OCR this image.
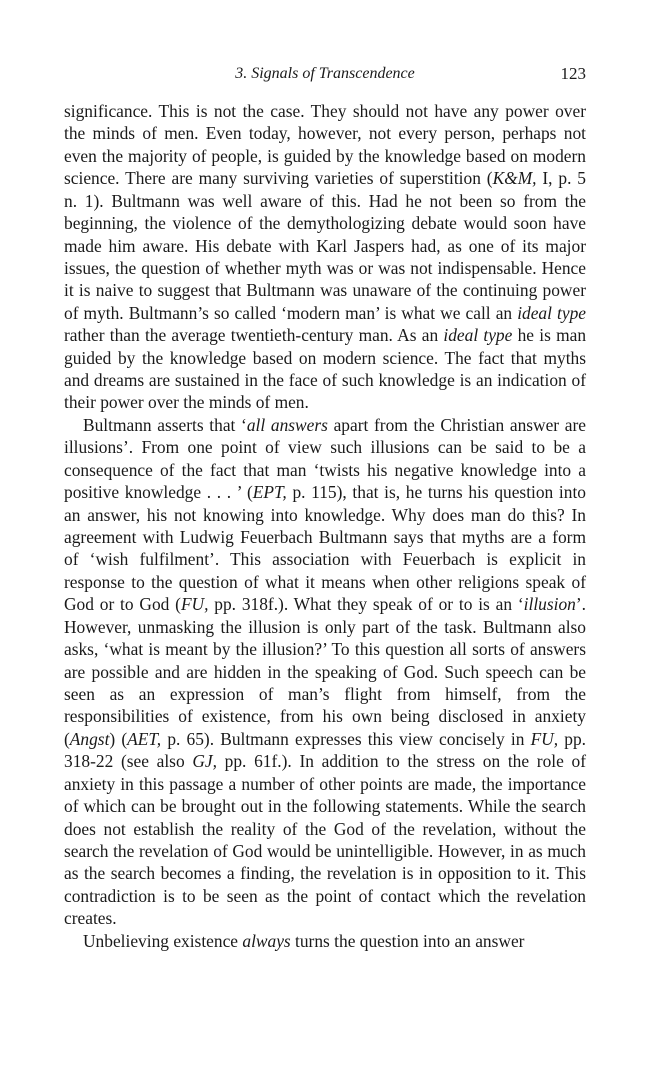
3. Signals of Transcendence	123

significance. This is not the case. They should not have any power over the minds of men. Even today, however, not every person, perhaps not even the majority of people, is guided by the knowledge based on modern science. There are many surviving varieties of superstition (K&M, I, p. 5 n. 1). Bultmann was well aware of this. Had he not been so from the beginning, the violence of the demythologizing debate would soon have made him aware. His debate with Karl Jaspers had, as one of its major issues, the question of whether myth was or was not indispensable. Hence it is naive to suggest that Bultmann was unaware of the continuing power of myth. Bultmann’s so called ‘modern man’ is what we call an ideal type rather than the average twentieth-century man. As an ideal type he is man guided by the knowledge based on modern science. The fact that myths and dreams are sustained in the face of such knowledge is an indication of their power over the minds of men.

Bultmann asserts that ‘all answers apart from the Christian answer are illusions’. From one point of view such illusions can be said to be a consequence of the fact that man ‘twists his negative knowledge into a positive knowledge . . . ’ (EPT, p. 115), that is, he turns his question into an answer, his not knowing into knowledge. Why does man do this? In agreement with Ludwig Feuerbach Bultmann says that myths are a form of ‘wish fulfilment’. This association with Feuerbach is explicit in response to the question of what it means when other religions speak of God or to God (FU, pp. 318f.). What they speak of or to is an ‘illusion’. However, unmasking the illusion is only part of the task. Bultmann also asks, ‘what is meant by the illusion?’ To this question all sorts of answers are possible and are hidden in the speaking of God. Such speech can be seen as an expression of man’s flight from himself, from the responsibilities of existence, from his own being disclosed in anxiety (Angst) (AET, p. 65). Bultmann expresses this view concisely in FU, pp. 318-22 (see also GJ, pp. 61f.). In addition to the stress on the role of anxiety in this passage a number of other points are made, the importance of which can be brought out in the following statements. While the search does not establish the reality of the God of the revelation, without the search the revelation of God would be unintelligible. However, in as much as the search becomes a finding, the revelation is in opposition to it. This contradiction is to be seen as the point of contact which the revelation creates.

Unbelieving existence always turns the question into an answer
